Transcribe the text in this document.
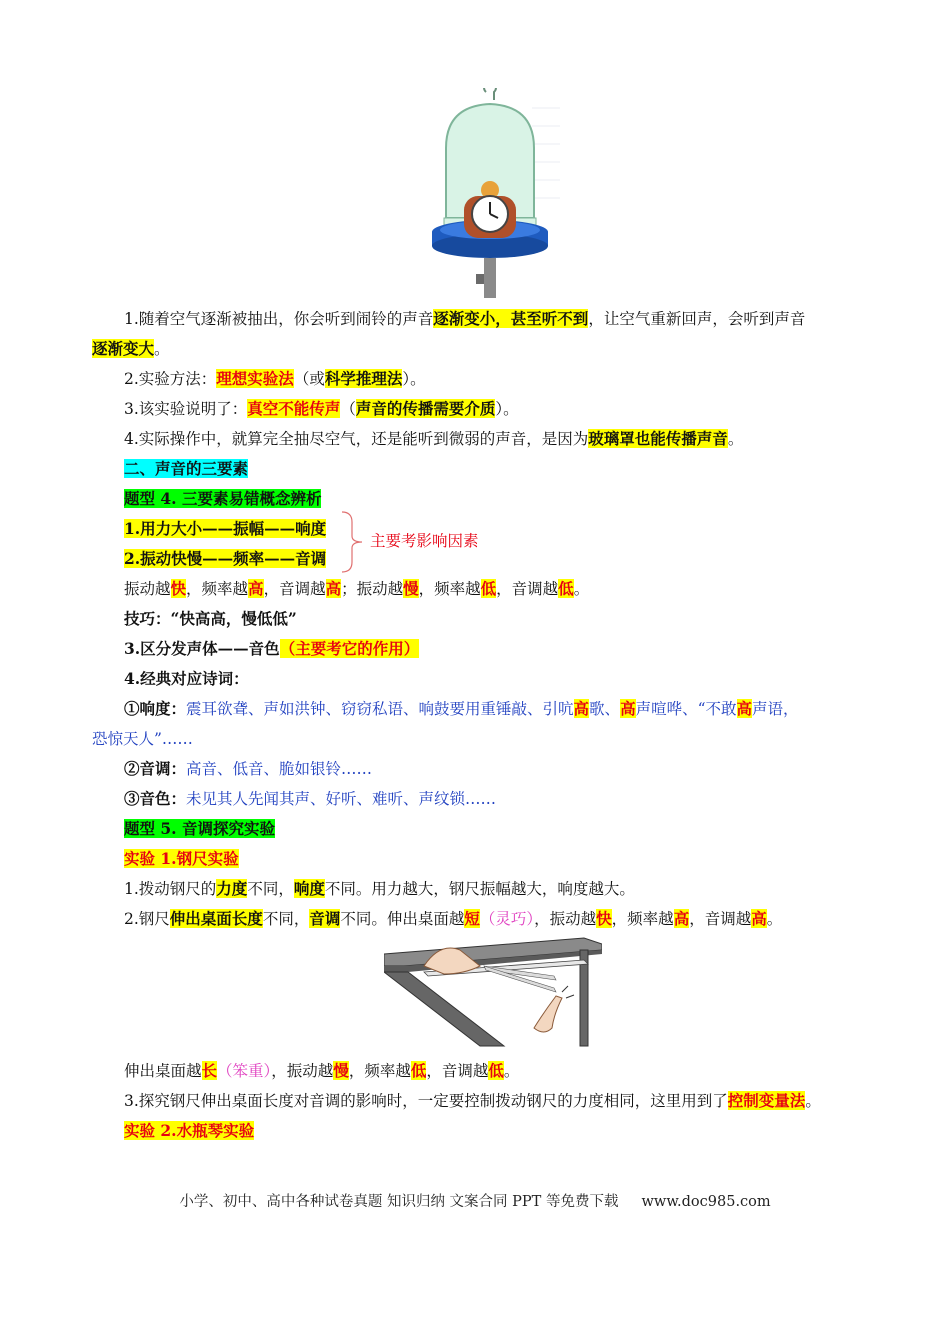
1.随着空气逐渐被抽出，你会听到闹铃的声音逐渐变小，甚至听不到，让空气重新回声，会听到声音
逐渐变大。
2.实验方法：理想实验法（或科学推理法）。
3.该实验说明了：真空不能传声（声音的传播需要介质）。
4.实际操作中，就算完全抽尽空气，还是能听到微弱的声音，是因为玻璃罩也能传播声音。
二、声音的三要素
题型 4. 三要素易错概念辨析
1.用力大小——振幅——响度
2.振动快慢——频率——音调
主要考影响因素
振动越快，频率越高，音调越高；振动越慢，频率越低，音调越低。
技巧：“快高高，慢低低”
3.区分发声体——音色（主要考它的作用）
4.经典对应诗词：
①响度：震耳欲聋、声如洪钟、窃窃私语、响鼓要用重锤敲、引吭高歌、高声喧哗、“不敢高声语，
恐惊天人”……
②音调：高音、低音、脆如银铃……
③音色：未见其人先闻其声、好听、难听、声纹锁……
题型 5. 音调探究实验
实验 1.钢尺实验
1.拨动钢尺的力度不同，响度不同。用力越大，钢尺振幅越大，响度越大。
2.钢尺伸出桌面长度不同，音调不同。伸出桌面越短（灵巧），振动越快，频率越高，音调越高。
伸出桌面越长（笨重），振动越慢，频率越低，音调越低。
3.探究钢尺伸出桌面长度对音调的影响时，一定要控制拨动钢尺的力度相同，这里用到了控制变量法。
实验 2.水瓶琴实验
小学、初中、高中各种试卷真题 知识归纳 文案合同 PPT 等免费下载 www.doc985.com
